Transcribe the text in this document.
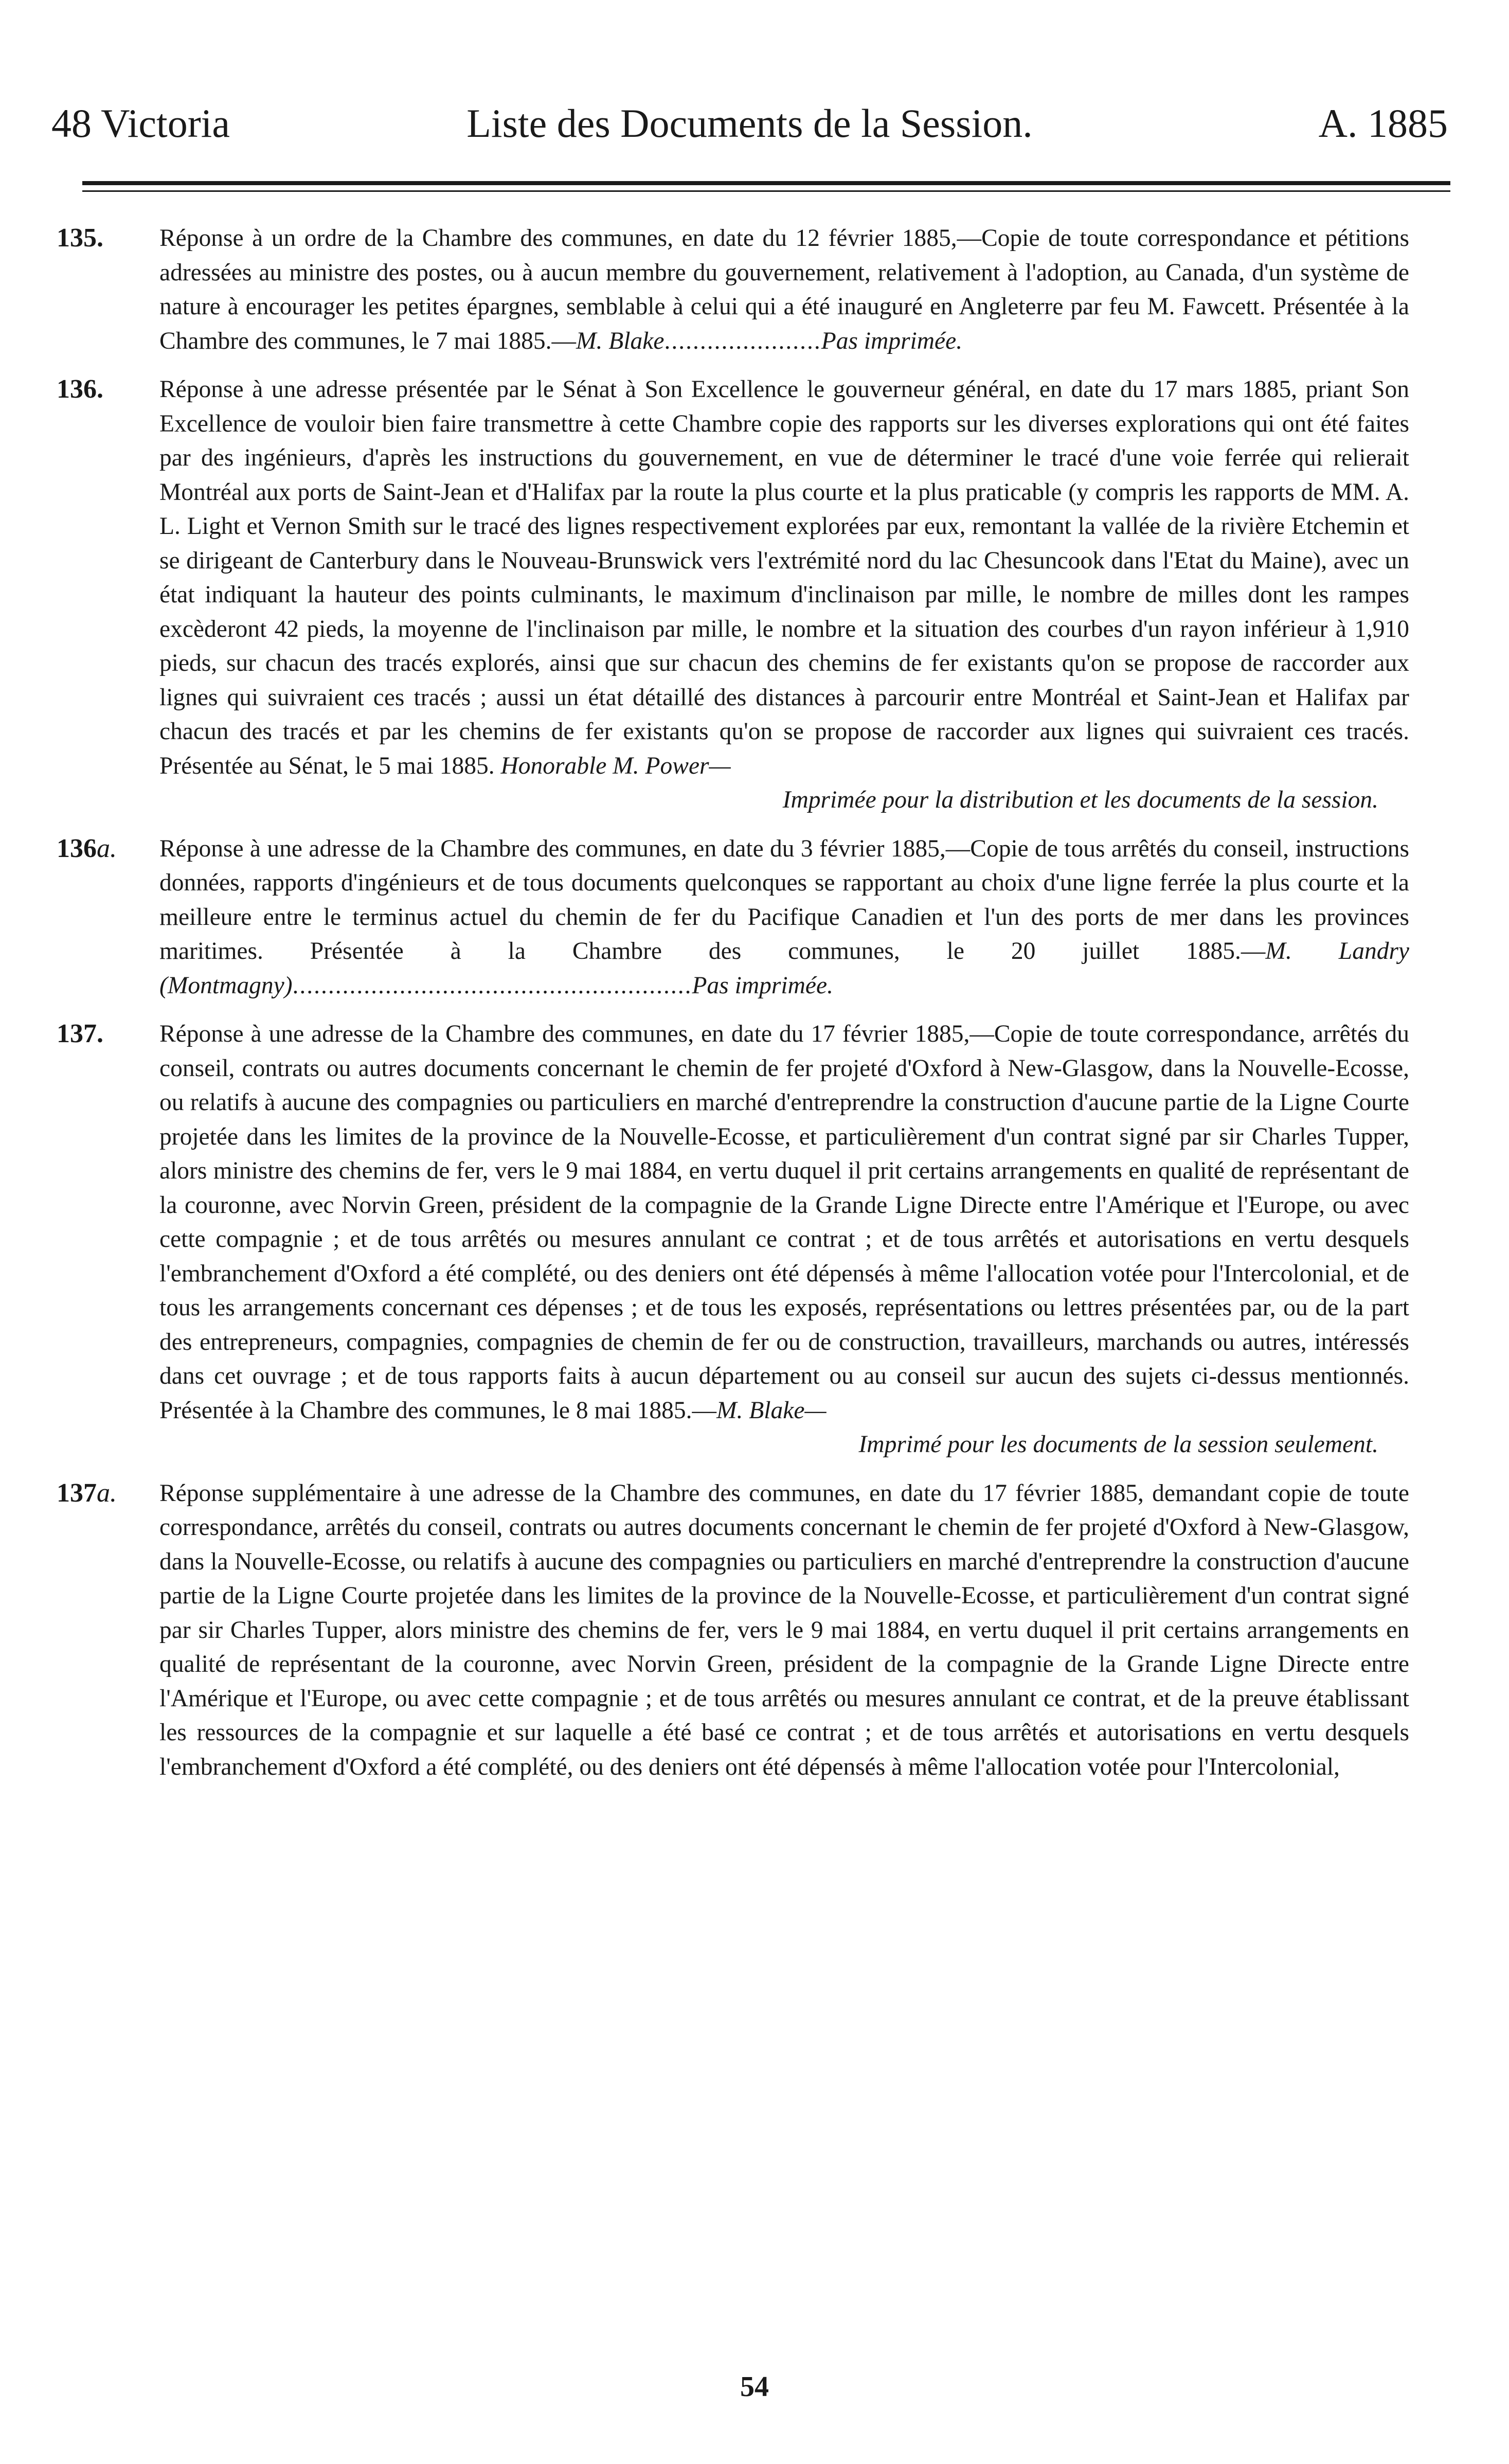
48 Victoria	Liste des Documents de la Session.	A. 1885
135. Réponse à un ordre de la Chambre des communes, en date du 12 février 1885,—Copie de toute correspondance et pétitions adressées au ministre des postes, ou à aucun membre du gouvernement, relativement à l'adoption, au Canada, d'un système de nature à encourager les petites épargnes, semblable à celui qui a été inauguré en Angleterre par feu M. Fawcett. Présentée à la Chambre des communes, le 7 mai 1885.—M. Blake......................Pas imprimée.
136. Réponse à une adresse présentée par le Sénat à Son Excellence le gouverneur général, en date du 17 mars 1885, priant Son Excellence de vouloir bien faire transmettre à cette Chambre copie des rapports sur les diverses explorations qui ont été faites par des ingénieurs, d'après les instructions du gouvernement, en vue de déterminer le tracé d'une voie ferrée qui relierait Montréal aux ports de Saint-Jean et d'Halifax par la route la plus courte et la plus praticable (y compris les rapports de MM. A. L. Light et Vernon Smith sur le tracé des lignes respectivement explorées par eux, remontant la vallée de la rivière Etchemin et se dirigeant de Canterbury dans le Nouveau-Brunswick vers l'extrémité nord du lac Chesuncook dans l'Etat du Maine), avec un état indiquant la hauteur des points culminants, le maximum d'inclinaison par mille, le nombre de milles dont les rampes excèderont 42 pieds, la moyenne de l'inclinaison par mille, le nombre et la situation des courbes d'un rayon inférieur à 1,910 pieds, sur chacun des tracés explorés, ainsi que sur chacun des chemins de fer existants qu'on se propose de raccorder aux lignes qui suivraient ces tracés ; aussi un état détaillé des distances à parcourir entre Montréal et Saint-Jean et Halifax par chacun des tracés et par les chemins de fer existants qu'on se propose de raccorder aux lignes qui suivraient ces tracés. Présentée au Sénat, le 5 mai 1885. Honorable M. Power—
Imprimée pour la distribution et les documents de la session.
136a. Réponse à une adresse de la Chambre des communes, en date du 3 février 1885,—Copie de tous arrêtés du conseil, instructions données, rapports d'ingénieurs et de tous documents quelconques se rapportant au choix d'une ligne ferrée la plus courte et la meilleure entre le terminus actuel du chemin de fer du Pacifique Canadien et l'un des ports de mer dans les provinces maritimes. Présentée à la Chambre des communes, le 20 juillet 1885.—M. Landry (Montmagny)........................................................Pas imprimée.
137. Réponse à une adresse de la Chambre des communes, en date du 17 février 1885,—Copie de toute correspondance, arrêtés du conseil, contrats ou autres documents concernant le chemin de fer projeté d'Oxford à New-Glasgow, dans la Nouvelle-Ecosse, ou relatifs à aucune des compagnies ou particuliers en marché d'entreprendre la construction d'aucune partie de la Ligne Courte projetée dans les limites de la province de la Nouvelle-Ecosse, et particulièrement d'un contrat signé par sir Charles Tupper, alors ministre des chemins de fer, vers le 9 mai 1884, en vertu duquel il prit certains arrangements en qualité de représentant de la couronne, avec Norvin Green, président de la compagnie de la Grande Ligne Directe entre l'Amérique et l'Europe, ou avec cette compagnie ; et de tous arrêtés ou mesures annulant ce contrat ; et de tous arrêtés et autorisations en vertu desquels l'embranchement d'Oxford a été complété, ou des deniers ont été dépensés à même l'allocation votée pour l'Intercolonial, et de tous les arrangements concernant ces dépenses ; et de tous les exposés, représentations ou lettres présentées par, ou de la part des entrepreneurs, compagnies, compagnies de chemin de fer ou de construction, travailleurs, marchands ou autres, intéressés dans cet ouvrage ; et de tous rapports faits à aucun département ou au conseil sur aucun des sujets ci-dessus mentionnés. Présentée à la Chambre des communes, le 8 mai 1885.—M. Blake—
Imprimé pour les documents de la session seulement.
137a. Réponse supplémentaire à une adresse de la Chambre des communes, en date du 17 février 1885, demandant copie de toute correspondance, arrêtés du conseil, contrats ou autres documents concernant le chemin de fer projeté d'Oxford à New-Glasgow, dans la Nouvelle-Ecosse, ou relatifs à aucune des compagnies ou particuliers en marché d'entreprendre la construction d'aucune partie de la Ligne Courte projetée dans les limites de la province de la Nouvelle-Ecosse, et particulièrement d'un contrat signé par sir Charles Tupper, alors ministre des chemins de fer, vers le 9 mai 1884, en vertu duquel il prit certains arrangements en qualité de représentant de la couronne, avec Norvin Green, président de la compagnie de la Grande Ligne Directe entre l'Amérique et l'Europe, ou avec cette compagnie ; et de tous arrêtés ou mesures annulant ce contrat, et de la preuve établissant les ressources de la compagnie et sur laquelle a été basé ce contrat ; et de tous arrêtés et autorisations en vertu desquels l'embranchement d'Oxford a été complété, ou des deniers ont été dépensés à même l'allocation votée pour l'Intercolonial,
54
